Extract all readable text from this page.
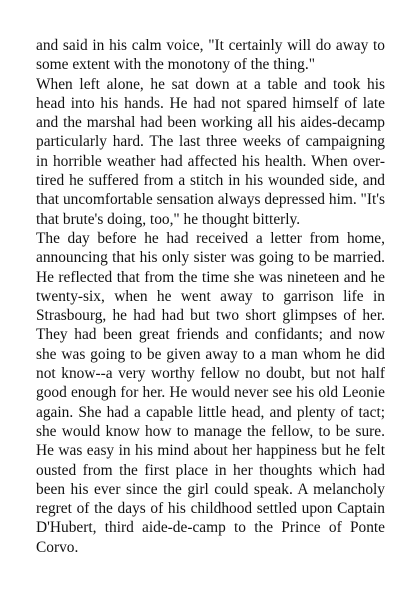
and said in his calm voice, "It certainly will do away to some extent with the monotony of the thing."

When left alone, he sat down at a table and took his head into his hands. He had not spared himself of late and the marshal had been working all his aides-decamp particularly hard. The last three weeks of campaigning in horrible weather had affected his health. When over-tired he suffered from a stitch in his wounded side, and that uncomfortable sensation always depressed him. "It's that brute's doing, too," he thought bitterly.

The day before he had received a letter from home, announcing that his only sister was going to be married. He reflected that from the time she was nineteen and he twenty-six, when he went away to garrison life in Strasbourg, he had had but two short glimpses of her. They had been great friends and confidants; and now she was going to be given away to a man whom he did not know--a very worthy fellow no doubt, but not half good enough for her. He would never see his old Leonie again. She had a capable little head, and plenty of tact; she would know how to manage the fellow, to be sure. He was easy in his mind about her happiness but he felt ousted from the first place in her thoughts which had been his ever since the girl could speak. A melancholy regret of the days of his childhood settled upon Captain D'Hubert, third aide-de-camp to the Prince of Ponte Corvo.
